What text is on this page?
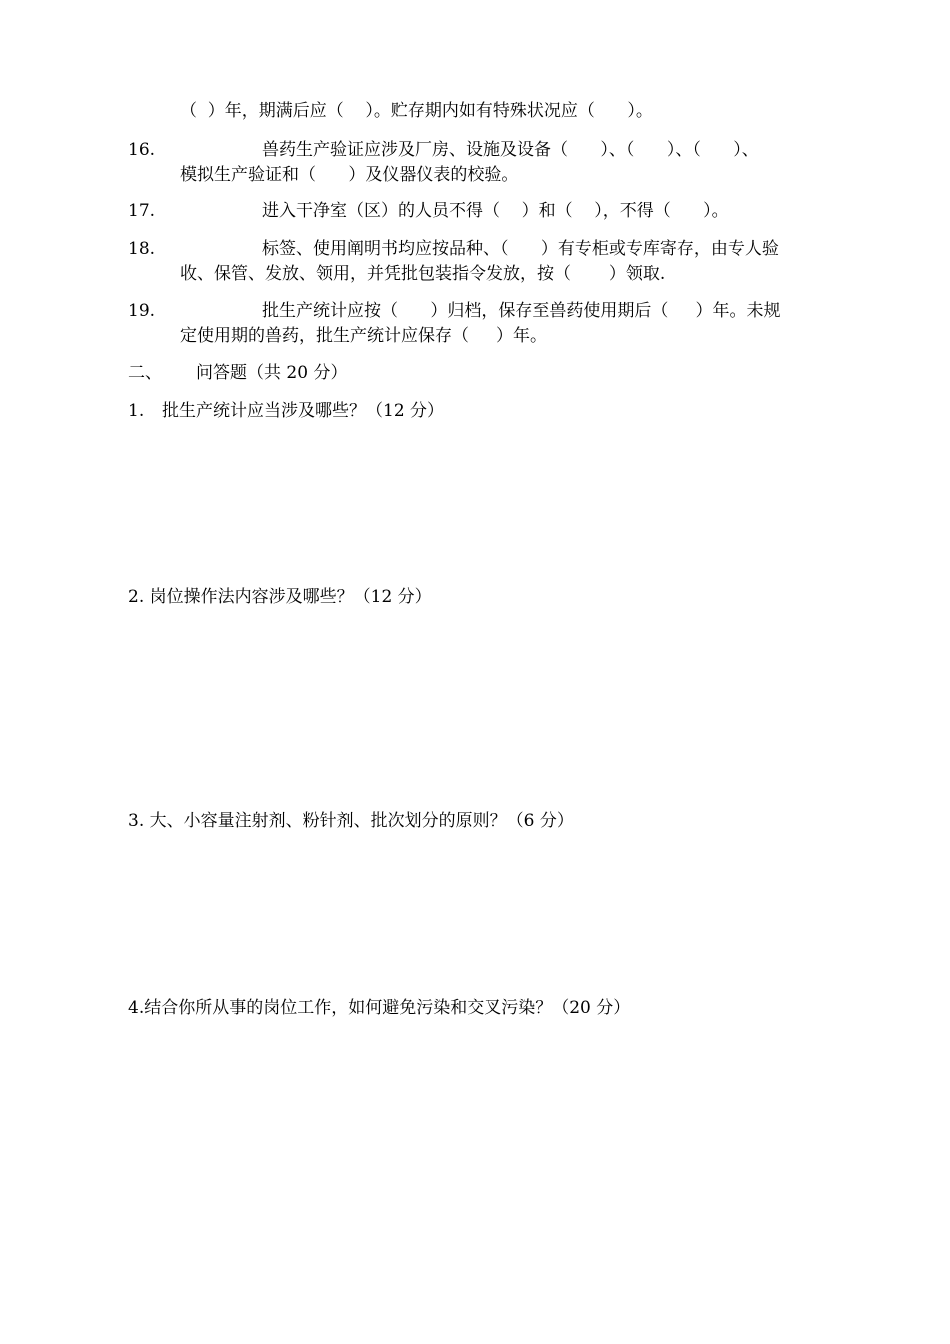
（  ）年，期满后应（    ）。贮存期内如有特殊状况应（      ）。
16.	兽药生产验证应涉及厂房、设施及设备（      ）、（      ）、（      ）、
模拟生产验证和（      ）及仪器仪表的校验。
17.	进入干净室（区）的人员不得（    ）和（    ），不得（      ）。
18.	标签、使用阐明书均应按品种、（      ）有专柜或专库寄存，由专人验
收、保管、发放、领用，并凭批包装指令发放，按（       ）领取.
19.	批生产统计应按（      ）归档，保存至兽药使用期后（     ）年。未规
定使用期的兽药，批生产统计应保存（     ）年。
二、 问答题（共 20 分）
1. 批生产统计应当涉及哪些？（12 分）
2. 岗位操作法内容涉及哪些？（12 分）
3. 大、小容量注射剂、粉针剂、批次划分的原则？（6 分）
4.结合你所从事的岗位工作，如何避免污染和交叉污染？（20 分）
